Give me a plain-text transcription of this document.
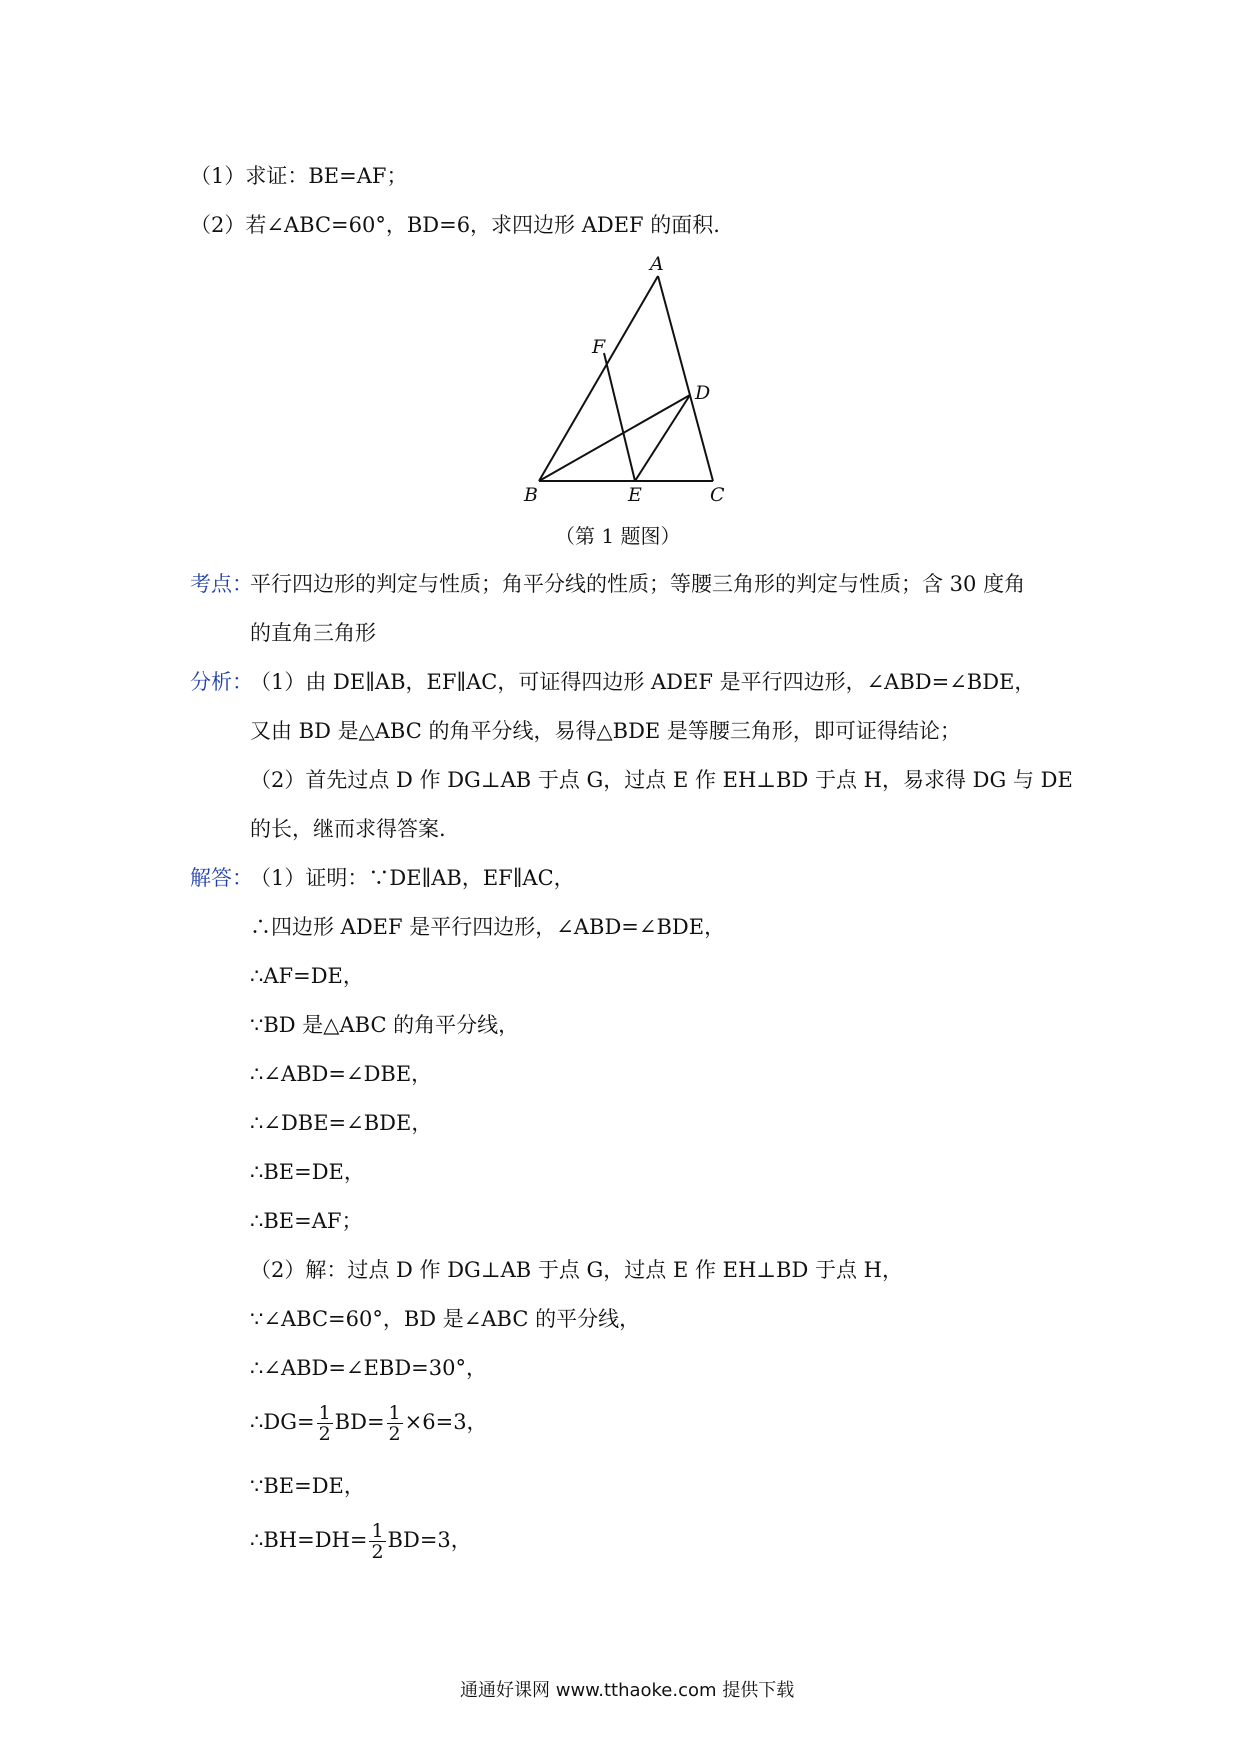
（1）求证：BE=AF；
（2）若∠ABC=60°，BD=6，求四边形 ADEF 的面积.
A
F
D
B	E	C
（第 1 题图）
考点：
平行四边形的判定与性质；角平分线的性质；等腰三角形的判定与性质；含 30 度角
的直角三角形
分析：
（1）由 DE∥AB，EF∥AC，可证得四边形 ADEF 是平行四边形，∠ABD=∠BDE，
又由 BD 是△ABC 的角平分线，易得△BDE 是等腰三角形，即可证得结论；
（2）首先过点 D 作 DG⊥AB 于点 G，过点 E 作 EH⊥BD 于点 H，易求得 DG 与 DE
的长，继而求得答案.
解答：
（1）证明：∵DE∥AB，EF∥AC，
∴四边形 ADEF 是平行四边形，∠ABD=∠BDE，
∴AF=DE，
∵BD 是△ABC 的角平分线，
∴∠ABD=∠DBE，
∴∠DBE=∠BDE，
∴BE=DE，
∴BE=AF；
（2）解：过点 D 作 DG⊥AB 于点 G，过点 E 作 EH⊥BD 于点 H，
∵∠ABC=60°，BD 是∠ABC 的平分线，
∴∠ABD=∠EBD=30°，
∴DG= $\frac{1}{2} BD= \frac{1}{2} \times 6=3$，
∵BE=DE，
∴BH=DH= $\frac{1}{2} BD=3$，
通通好课网 www.tthaoke.com 提供下载
